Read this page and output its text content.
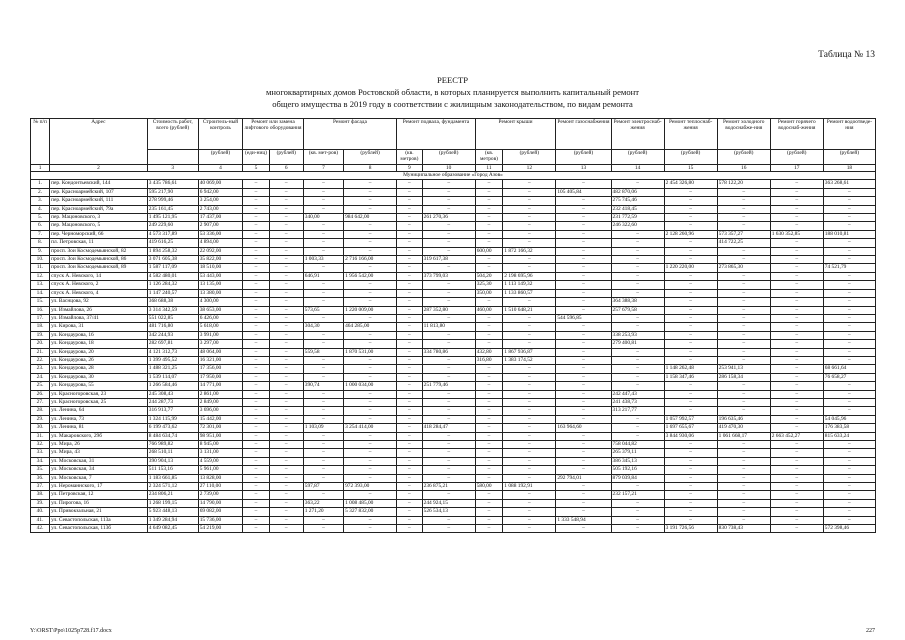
Таблица № 13
РЕЕСТР
многоквартирных домов Ростовской области, в которых планируется выполнить капитальный ремонт
общего имущества в 2019 году в соответствии с жилищным законодательством, по видам ремонта
№ п/п	Адрес	Стоимость работ, всего (рублей)	Строитель-ный контроль	Ремонт или замена лифтового оборудования		Ремонт фасада		Ремонт подвала, фундамента		Ремонт крыши		Ремонт газоснабжения	Ремонт электроснаб-жения	Ремонт теплоснаб-жения	Ремонт холодного водоснабже-ния	Ремонт горячего водоснаб-жения	Ремонт водоотведе-ния
			(рублей)	(еди-ниц)	(рублей)	(кв. мет-ров)	(рублей)	(кв. метров)	(рублей)	(кв. метров)	(рублей)	(рублей)	(рублей)	(рублей)	(рублей)	(рублей)	(рублей)
1	2	3	4	5	6	7	8	9	10	11	12	13	14	15	16	17	18
Муниципальное образование «Город Азов»																	
1.	пер. Кондонтьевский, 144	3 435 786,61	40 069,00	–	–	–	–	–	–	–	–	–	–	2 454 326,80	578 122,20	–	363 268,61
2.	пер. Красноармейский, 107	595 217,90	6 942,00	–	–	–	–	–	–	–	–	105 405,84	482 870,06	–	–	–	–
3.	пер. Красноармейский, 111	278 999,46	3 254,00	–	–	–	–	–	–	–	–	–	275 745,46	–	–	–	–
4.	пер. Красноармейский, 79а	235 161,45	2 743,00	–	–	–	–	–	–	–	–	–	232 418,45	–	–	–	–
5.	пер. Мацоновского, 3	1 495 121,95	17 437,00	–	–	340,00	984 642,00	–	261 270,36	–	–	–	231 772,59	–	–	–	–
6.	пер. Мацоновского, 5	249 229,60	2 907,00	–	–	–	–	–	–	–	–	–	246 322,60	–	–	–	–
7.	пер. Черноморский, 66	4 573 317,89	53 336,00	–	–	–	–	–	–	–	–	–	–	2 128 260,96	573 357,27	1 630 352,85	188 010,81
8.	пл. Петровская, 11	419 616,25	4 894,00	–	–	–	–	–	–	–	–	–	–	–	414 722,25	–	–
9.	просп. Зои Космодемьянской, 82	1 894 258,32	22 092,00	–	–	–	–	–	–	600,00	1 872 166,32	–	–	–	–	–	–
10.	просп. Зои Космодемьянской, 86	3 071 605,38	35 822,00	–	–	1 003,33	2 716 166,00	–	319 617,38	–	–	–	–	–	–	–	–
11.	просп. Зои Космодемьянской, 89	1 587 117,09	18 510,00	–	–	–	–	–	–	–	–	–	–	1 220 220,00	273 865,30	–	74 521,79
12.	спуск А. Невского, 14	4 582 480,01	53 443,00	–	–	646,91	1 956 542,00	–	373 799,03	504,20	2 198 695,96	–	–	–	–	–	–
13.	спуск А. Невского, 2	1 126 284,32	13 135,00	–	–	–	–	–	–	325,30	1 113 149,32	–	–	–	–	–	–
14.	спуск А. Невского, 4	1 147 240,57	13 380,00	–	–	–	–	–	–	350,00	1 133 860,57	–	–	–	–	–	–
15.	ул. Васнцова, 92	368 688,38	4 300,00	–	–	–	–	–	–	–	–	–	364 388,38	–	–	–	–
16.	ул. Измайлова, 26	3 314 342,59	38 653,00	–	–	573,65	1 220 009,00	–	287 352,80	460,00	1 510 648,21	–	257 679,58	–	–	–	–
17.	ул. Измайлова, 37/41	551 022,85	6 426,00	–	–	–	–	–	–	–	–	544 596,85	–	–	–	–	–
18.	ул. Кирова, 31	481 716,80	5 618,00	–	–	304,30	464 285,00	–	11 813,80	–	–	–	–	–	–	–	–
19.	ул. Кондаурова, 16	342 244,93	3 991,00	–	–	–	–	–	–	–	–	–	338 253,93	–	–	–	–
20.	ул. Кондаурова, 18	282 697,81	3 297,00	–	–	–	–	–	–	–	–	–	279 400,81	–	–	–	–
21.	ул. Кондаурова, 20	4 121 312,73	48 064,00	–	–	559,58	1 870 531,00	–	334 780,86	432,80	1 867 936,87	–	–	–	–	–	–
22.	ул. Кондаурова, 26	1 399 495,52	16 321,00	–	–	–	–	–	–	316,80	1 383 174,52	–	–	–	–	–	–
23.	ул. Кондаурова, 28	1 488 321,25	17 356,00	–	–	–	–	–	–	–	–	–	–	1 148 262,48	253 941,13	–	68 661,64
24.	ул. Кондаурова, 30	1 539 114,07	17 950,00	–	–	–	–	–	–	–	–	–	–	1 158 347,46	286 158,34	–	76 658,27
25.	ул. Кондаурова, 55	1 266 584,46	14 771,00	–	–	390,74	1 000 034,00	–	251 779,46	–	–	–	–	–	–	–	–
26.	ул. Красногоровская, 23	245 308,43	2 861,00	–	–	–	–	–	–	–	–	–	242 447,43	–	–	–	–
27.	ул. Красногоровская, 25	244 287,73	2 849,00	–	–	–	–	–	–	–	–	–	241 438,73	–	–	–	–
28.	ул. Ленина, 64	316 913,77	3 696,00	–	–	–	–	–	–	–	–	–	313 217,77	–	–	–	–
29.	ул. Ленина, 73	1 324 115,99	15 442,00	–	–	–	–	–	–	–	–	–	–	1 057 992,57	196 635,46	–	54 045,96
30.	ул. Ленина, 81	6 199 473,62	72 301,00	–	–	1 103,09	3 254 414,00	–	418 284,47	–	–	163 964,60	–	1 697 655,67	419 470,30	–	176 383,58
31.	ул. Макаровского, 29б	8 484 634,74	98 951,00	–	–	–	–	–	–	–	–	–	–	3 844 930,06	1 061 668,17	2 663 452,27	815 633,24
32.	ул. Мира, 26	766 989,82	8 945,00	–	–	–	–	–	–	–	–	–	758 044,82	–	–	–	–
33.	ул. Мира, 43	268 510,11	3 131,00	–	–	–	–	–	–	–	–	–	265 379,11	–	–	–	–
34.	ул. Московская, 31	390 904,13	4 559,00	–	–	–	–	–	–	–	–	–	386 345,13	–	–	–	–
35.	ул. Московская, 34	511 153,16	5 961,00	–	–	–	–	–	–	–	–	–	505 192,16	–	–	–	–
36.	ул. Московская, 7	1 183 661,85	13 828,00	–	–	–	–	–	–	–	–	292 794,01	879 039,84	–	–	–	–
37.	ул. Нероманнского, 17	2 324 571,12	27 110,00	–	–	597,87	972 393,00	–	236 875,21	580,00	1 088 192,91	–	–	–	–	–	–
38.	ул. Петровская, 12	234 806,21	2 739,00	–	–	–	–	–	–	–	–	–	232 157,21	–	–	–	–
39.	ул. Пирогова, 16	1 268 199,15	14 790,00	–	–	363,22	1 008 485,00	–	244 924,15	–	–	–	–	–	–	–	–
40.	ул. Привокзальная, 21	5 923 448,13	69 082,00	–	–	1 271,20	5 327 832,00	–	526 534,13	–	–	–	–	–	–	–	–
41.	ул. Севастопольская, 113а	1 349 284,94	15 736,00	–	–	–	–	–	–	–	–	1 333 548,94	–	–	–	–	–
42.	ул. Севастопольская, 113б	4 649 082,45	54 219,00	–	–	–	–	–	–	–	–	–	–	3 191 726,56	830 738,43	–	572 398,46
Y:\ORST\Ppo\1025p728.f17.docx	227
